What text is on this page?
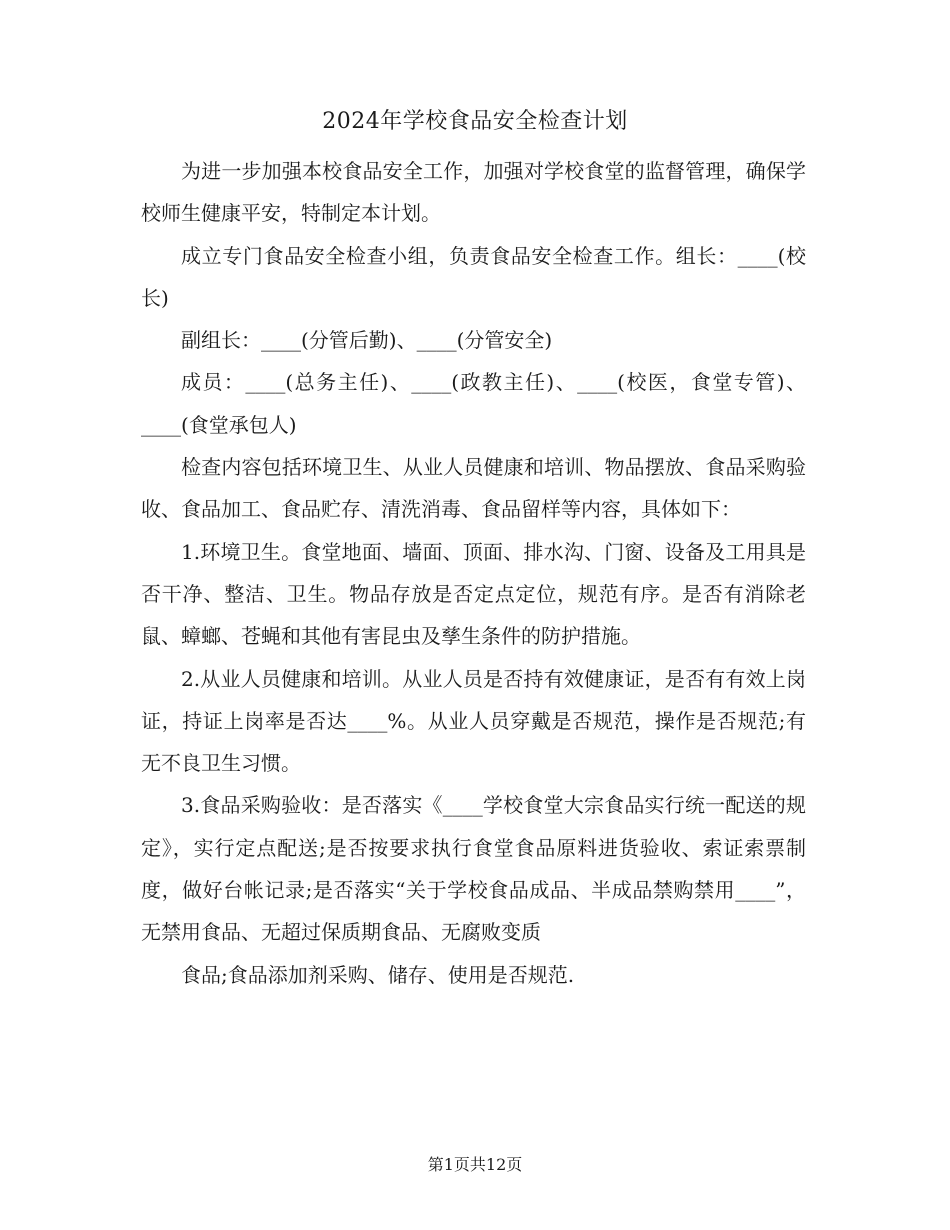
2024年学校食品安全检查计划

为进一步加强本校食品安全工作，加强对学校食堂的监督管理，确保学校师生健康平安，特制定本计划。

成立专门食品安全检查小组，负责食品安全检查工作。组长：____(校长)

副组长：____(分管后勤)、____(分管安全)

成员：____(总务主任)、____(政教主任)、____(校医，食堂专管)、____(食堂承包人)

检查内容包括环境卫生、从业人员健康和培训、物品摆放、食品采购验收、食品加工、食品贮存、清洗消毒、食品留样等内容，具体如下：

1.环境卫生。食堂地面、墙面、顶面、排水沟、门窗、设备及工用具是否干净、整洁、卫生。物品存放是否定点定位，规范有序。是否有消除老鼠、蟑螂、苍蝇和其他有害昆虫及孳生条件的防护措施。

2.从业人员健康和培训。从业人员是否持有效健康证，是否有有效上岗证，持证上岗率是否达____%。从业人员穿戴是否规范，操作是否规范;有无不良卫生习惯。

3.食品采购验收：是否落实《____学校食堂大宗食品实行统一配送的规定》，实行定点配送;是否按要求执行食堂食品原料进货验收、索证索票制度，做好台帐记录;是否落实“关于学校食品成品、半成品禁购禁用____”，无禁用食品、无超过保质期食品、无腐败变质

食品;食品添加剂采购、储存、使用是否规范.

第1页共12页
